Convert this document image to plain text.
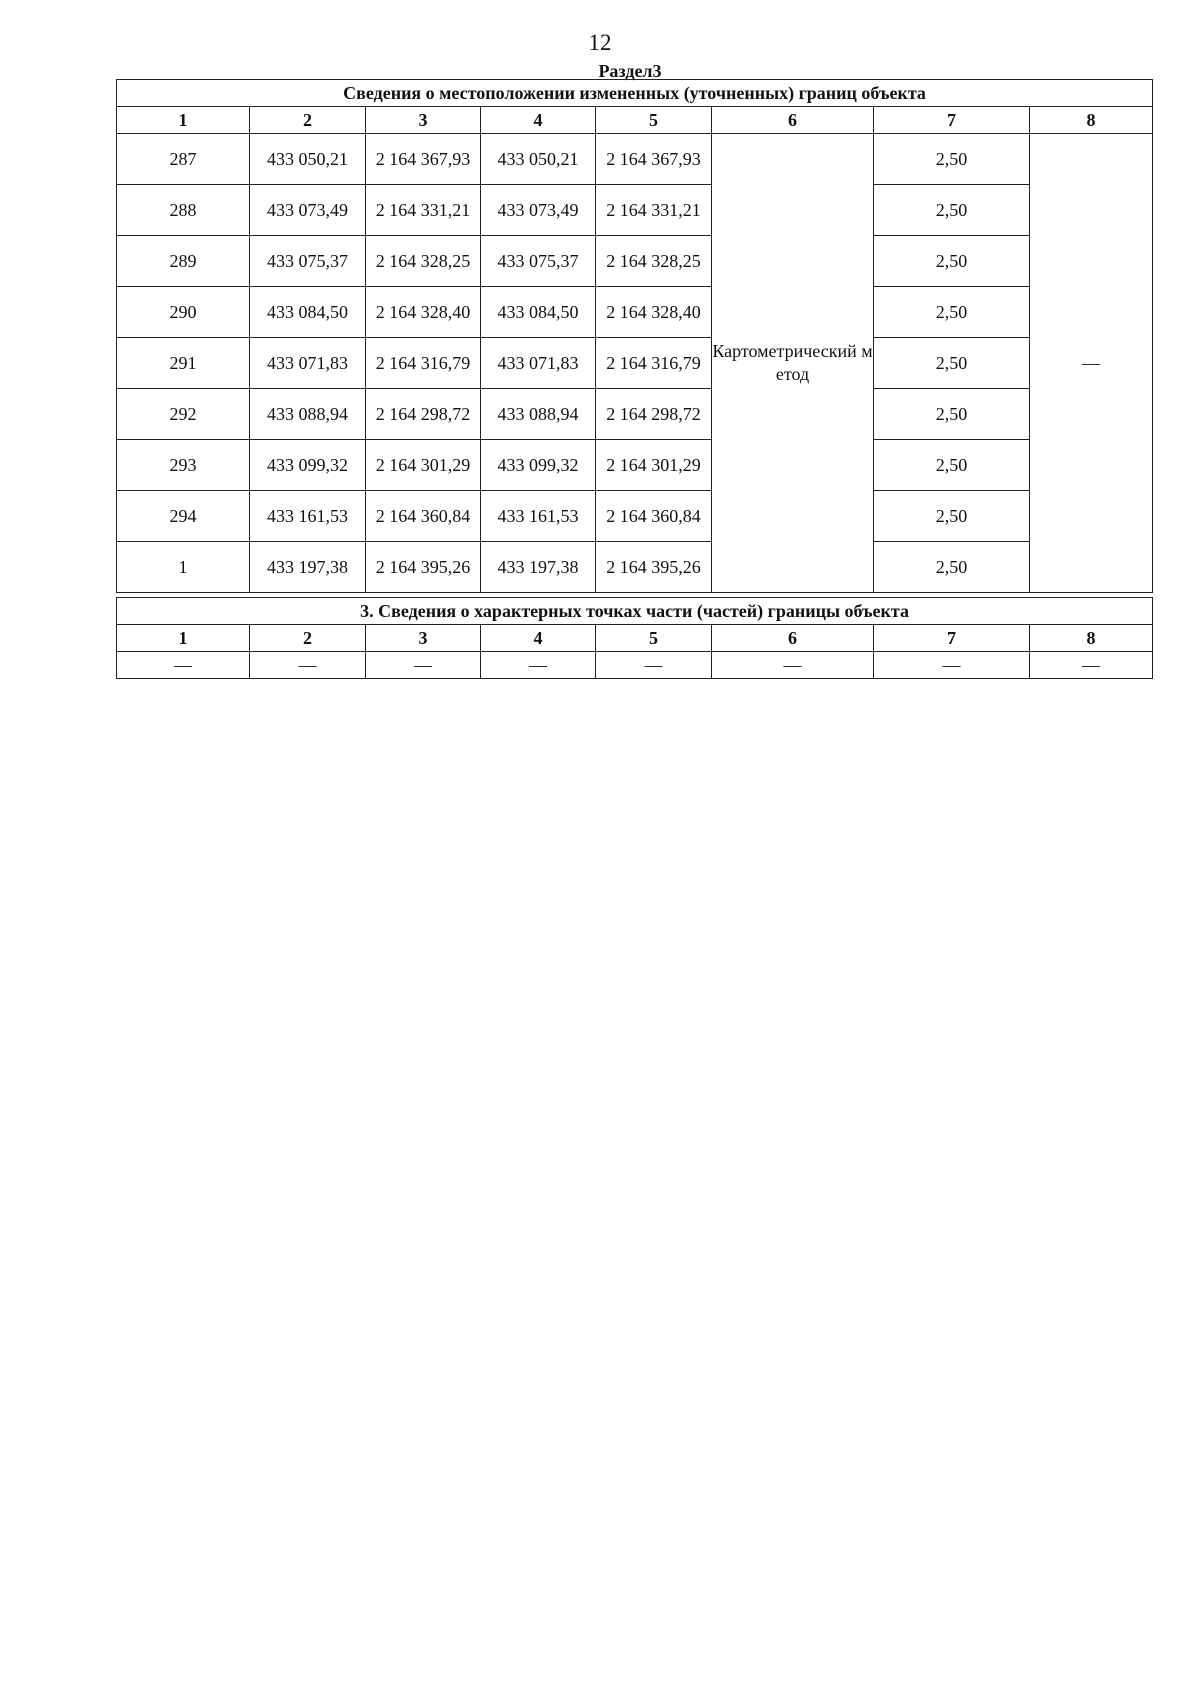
12
Раздел3
Сведения о местоположении измененных (уточненных) границ объекта							
1	2	3	4	5	6	7	8
287	433 050,21	2 164 367,93	433 050,21	2 164 367,93	Картометрический метод	2,50	—
288	433 073,49	2 164 331,21	433 073,49	2 164 331,21		2,50	
289	433 075,37	2 164 328,25	433 075,37	2 164 328,25		2,50	
290	433 084,50	2 164 328,40	433 084,50	2 164 328,40		2,50	
291	433 071,83	2 164 316,79	433 071,83	2 164 316,79		2,50	
292	433 088,94	2 164 298,72	433 088,94	2 164 298,72		2,50	
293	433 099,32	2 164 301,29	433 099,32	2 164 301,29		2,50	
294	433 161,53	2 164 360,84	433 161,53	2 164 360,84		2,50	
1	433 197,38	2 164 395,26	433 197,38	2 164 395,26		2,50	
3. Сведения о характерных точках части (частей) границы объекта							
1	2	3	4	5	6	7	8
—	—	—	—	—	—	—	—
